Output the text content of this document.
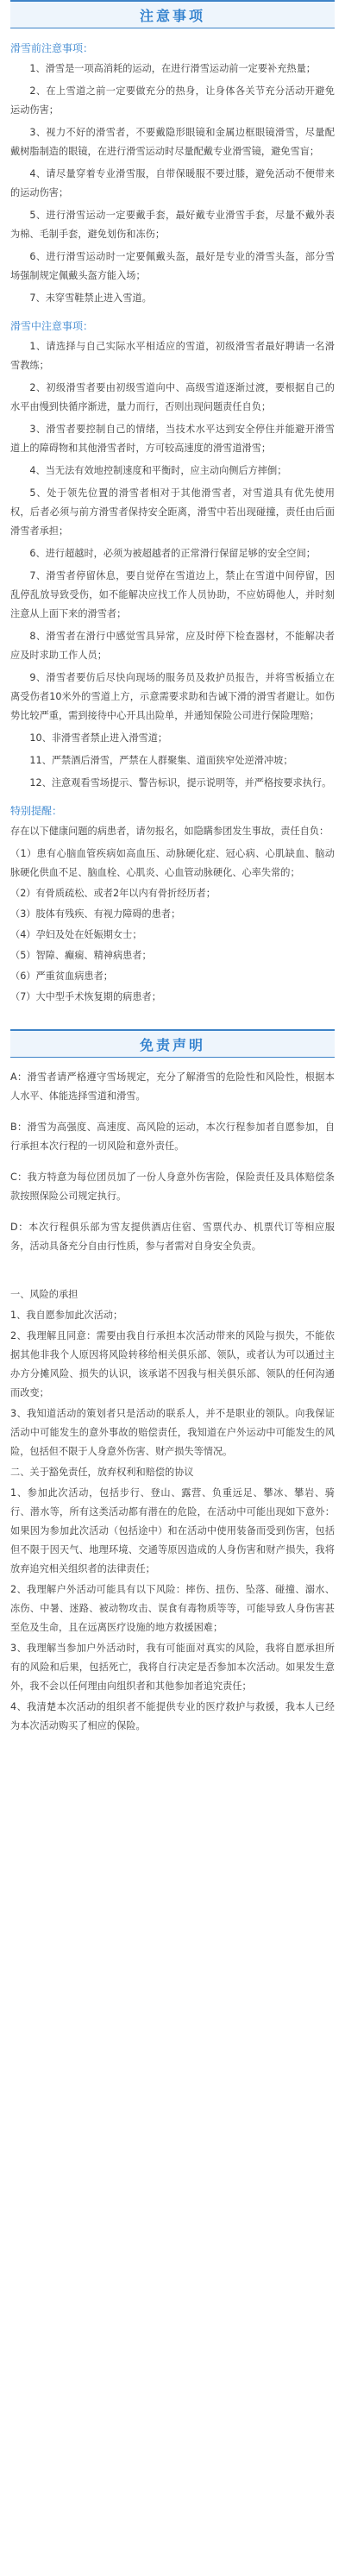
注意事项
滑雪前注意事项：

1、滑雪是一项高消耗的运动，在进行滑雪运动前一定要补充热量；

2、在上雪道之前一定要做充分的热身，让身体各关节充分活动开避免运动伤害；

3、视力不好的滑雪者，不要戴隐形眼镜和金属边框眼镜滑雪，尽量配戴树脂制造的眼镜，在进行滑雪运动时尽量配戴专业滑雪镜，避免雪盲；

4、请尽量穿着专业滑雪服，自带保暖服不要过膝，避免活动不便带来的运动伤害；

5、进行滑雪运动一定要戴手套，最好戴专业滑雪手套，尽量不戴外表为棉、毛制手套，避免划伤和冻伤；

6、进行滑雪运动时一定要佩戴头盔，最好是专业的滑雪头盔，部分雪场强制规定佩戴头盔方能入场；

7、未穿雪鞋禁止进入雪道。

滑雪中注意事项：

1、请选择与自己实际水平相适应的雪道，初级滑雪者最好聘请一名滑雪教练；

2、初级滑雪者要由初级雪道向中、高级雪道逐渐过渡，要根据自己的水平由慢到快循序渐进，量力而行，否则出现问题责任自负；

3、滑雪者要控制自己的情绪，当技术水平达到安全停住并能避开滑雪道上的障碍物和其他滑雪者时，方可较高速度的滑雪道滑雪；

4、当无法有效地控制速度和平衡时，应主动向侧后方摔倒；

5、处于领先位置的滑雪者相对于其他滑雪者，对雪道具有优先使用权，后者必须与前方滑雪者保持安全距离，滑雪中若出现碰撞，责任由后面滑雪者承担；

6、进行超越时，必须为被超越者的正常滑行保留足够的安全空间；

7、滑雪者停留休息，要自觉停在雪道边上，禁止在雪道中间停留，因乱停乱放导致受伤，如不能解决应找工作人员协助，不应妨碍他人，并时刻注意从上面下来的滑雪者；

8、滑雪者在滑行中感觉雪具异常，应及时停下检查器材，不能解决者应及时求助工作人员；

9、滑雪者要仿后尽快向现场的服务员及救护员报告，并将雪板插立在离受伤者10米外的雪道上方，示意需要求助和告诫下滑的滑雪者避让。如伤势比较严重，需到接待中心开具出险单，并通知保险公司进行保险理赔；

10、非滑雪者禁止进入滑雪道；

11、严禁酒后滑雪，严禁在人群聚集、道面狭窄处逆滑冲坡；

12、注意观看雪场提示、警告标识，提示说明等，并严格按要求执行。

特别提醒：

存在以下健康问题的病患者，请勿报名，如隐瞒参团发生事故，责任自负：

（1）患有心脑血管疾病如高血压、动脉硬化症、冠心病、心肌缺血、脑动脉硬化供血不足、脑血栓、心肌炎、心血管动脉硬化、心率失常的；

（2）有骨质疏松、或者2年以内有骨折经历者；

（3）肢体有残疾、有视力障碍的患者；

（4）孕妇及处在妊娠期女士；

（5）智障、癫痫、精神病患者；

（6）严重贫血病患者；

（7）大中型手术恢复期的病患者；

免责声明

A：滑雪者请严格遵守雪场规定，充分了解滑雪的危险性和风险性，根据本人水平、体能选择雪道和滑雪。

B：滑雪为高强度、高速度、高风险的运动，本次行程参加者自愿参加，自行承担本次行程的一切风险和意外责任。

C：我方特意为每位团员加了一份人身意外伤害险，保险责任及具体赔偿条款按照保险公司规定执行。

D：本次行程俱乐部为雪友提供酒店住宿、雪票代办、机票代订等相应服务，活动具备充分自由行性质，参与者需对自身安全负责。

一、风险的承担

1、我自愿参加此次活动；

2、我理解且同意：需要由我自行承担本次活动带来的风险与损失，不能依据其他非我个人原因将风险转移给相关俱乐部、领队，或者认为可以通过主办方分摊风险、损失的认识，该承诺不因我与相关俱乐部、领队的任何沟通而改变；

3、我知道活动的策划者只是活动的联系人，并不是职业的领队。向我保证活动中可能发生的意外事故的赔偿责任，我知道在户外运动中可能发生的风险，包括但不限于人身意外伤害、财产损失等情况。

二、关于豁免责任，放弃权利和赔偿的协议

1、参加此次活动，包括步行、登山、露营、负重远足、攀冰、攀岩、骑行、潜水等，所有这类活动都有潜在的危险，在活动中可能出现如下意外：如果因为参加此次活动（包括途中）和在活动中使用装备而受到伤害，包括但不限于因天气、地理环境、交通等原因造成的人身伤害和财产损失，我将放弃追究相关组织者的法律责任；

2、我理解户外活动可能具有以下风险：摔伤、扭伤、坠落、碰撞、溺水、冻伤、中暑、迷路、被动物攻击、误食有毒物质等等，可能导致人身伤害甚至危及生命，且在远离医疗设施的地方救援困难；

3、我理解当参加户外活动时，我有可能面对真实的风险，我将自愿承担所有的风险和后果，包括死亡，我将自行决定是否参加本次活动。如果发生意外，我不会以任何理由向组织者和其他参加者追究责任；

4、我清楚本次活动的组织者不能提供专业的医疗救护与救援，我本人已经为本次活动购买了相应的保险。
